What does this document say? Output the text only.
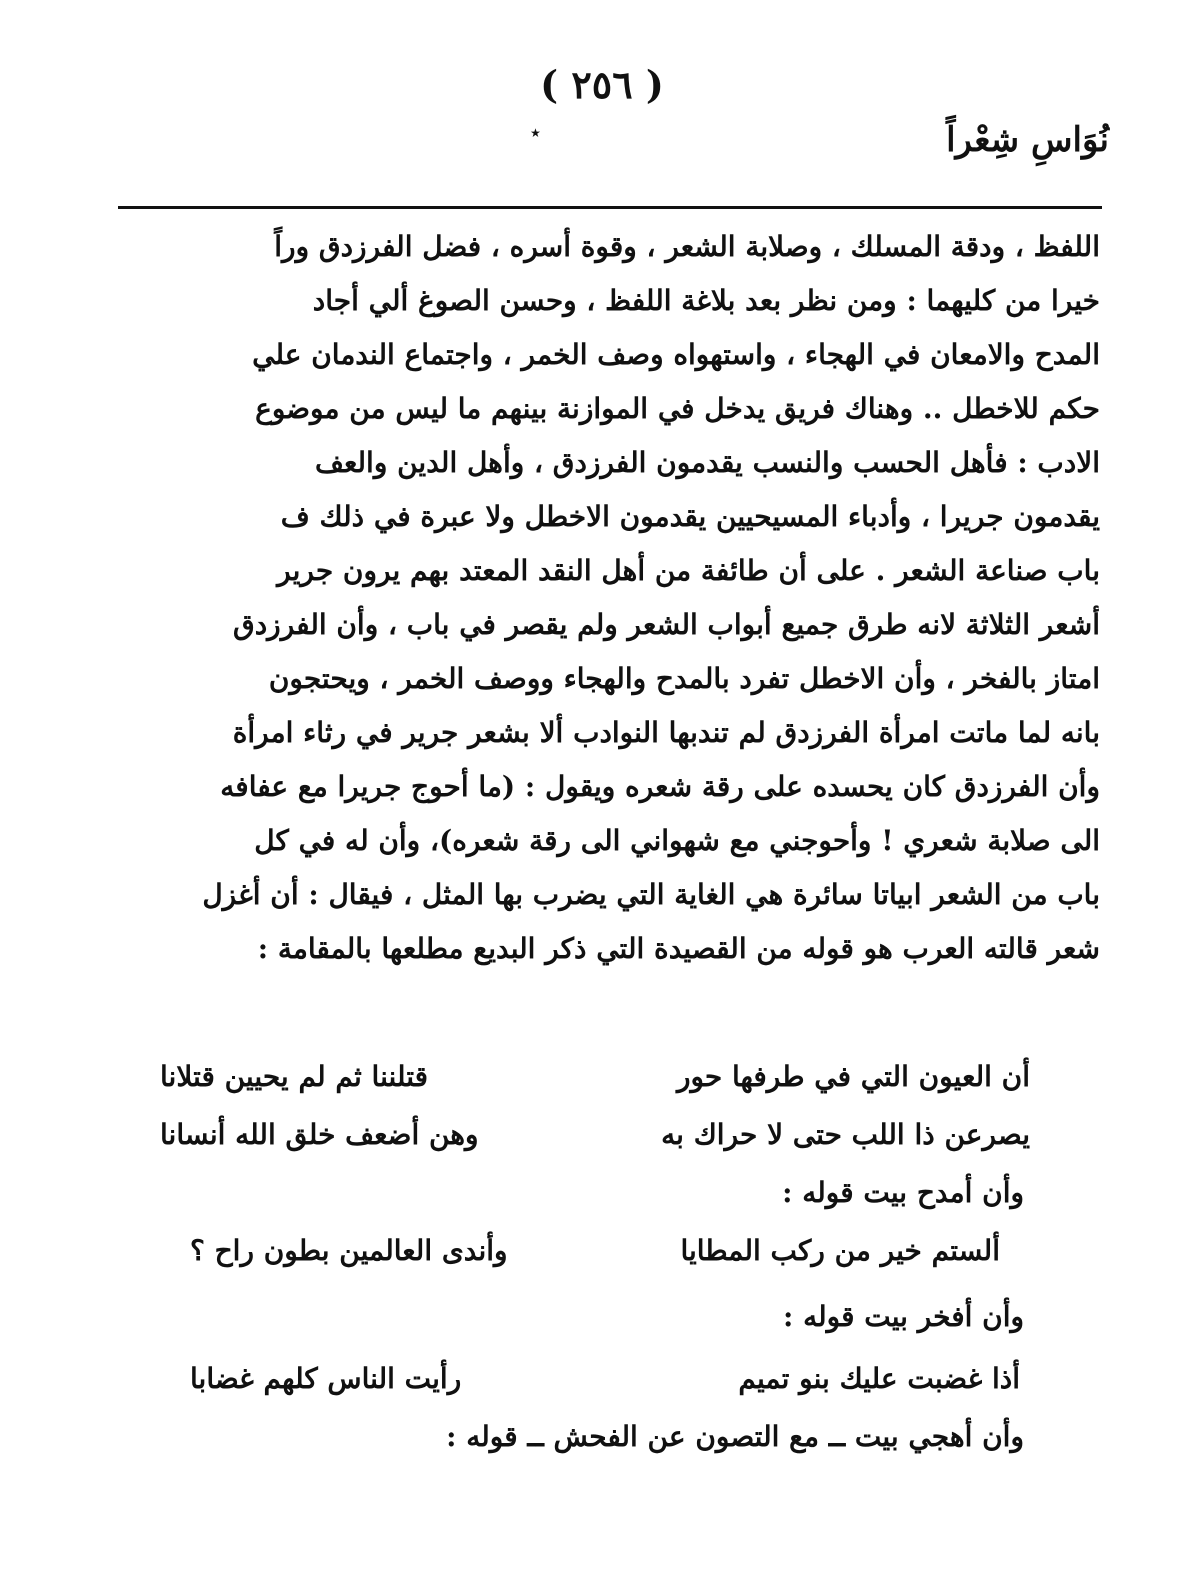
( ٢٥٦ )
٭	نُوَاسِ شِعْراً
اللفظ ، ودقة المسلك ، وصلابة الشعر ، وقوة أسره ، فضل الفرزدق وراً
خيرا من كليهما : ومن نظر بعد بلاغة اللفظ ، وحسن الصوغ ألي أجاد
المدح والامعان في الهجاء ، واستهواه وصف الخمر ، واجتماع الندمان علي
حكم للاخطل .. وهناك فريق يدخل في الموازنة بينهم ما ليس من موضوع
الادب : فأهل الحسب والنسب يقدمون الفرزدق ، وأهل الدين والعف
يقدمون جريرا ، وأدباء المسيحيين يقدمون الاخطل ولا عبرة في ذلك ف
باب صناعة الشعر . على أن طائفة من أهل النقد المعتد بهم يرون جرير
أشعر الثلاثة لانه طرق جميع أبواب الشعر ولم يقصر في باب ، وأن الفرزدق
امتاز بالفخر ، وأن الاخطل تفرد بالمدح والهجاء ووصف الخمر ، ويحتجون
بانه لما ماتت امرأة الفرزدق لم تندبها النوادب ألا بشعر جرير في رثاء امرأة
وأن الفرزدق كان يحسده على رقة شعره ويقول : (ما أحوج جريرا مع عفافه
الى صلابة شعري ! وأحوجني مع شهواني الى رقة شعره)، وأن له في كل
باب من الشعر ابياتا سائرة هي الغاية التي يضرب بها المثل ، فيقال : أن أغزل
شعر قالته العرب هو قوله من القصيدة التي ذكر البديع مطلعها بالمقامة :
أن العيون التي في طرفها حور
قتلننا ثم لم يحيين قتلانا
يصرعن ذا اللب حتى لا حراك به
وهن أضعف خلق الله أنسانا
وأن أمدح بيت قوله :
ألستم خير من ركب المطايا
وأندى العالمين بطون راح ؟
وأن أفخر بيت قوله :
أذا غضبت عليك بنو تميم
رأيت الناس كلهم غضابا
وأن أهجي بيت ــ مع التصون عن الفحش ــ قوله :
